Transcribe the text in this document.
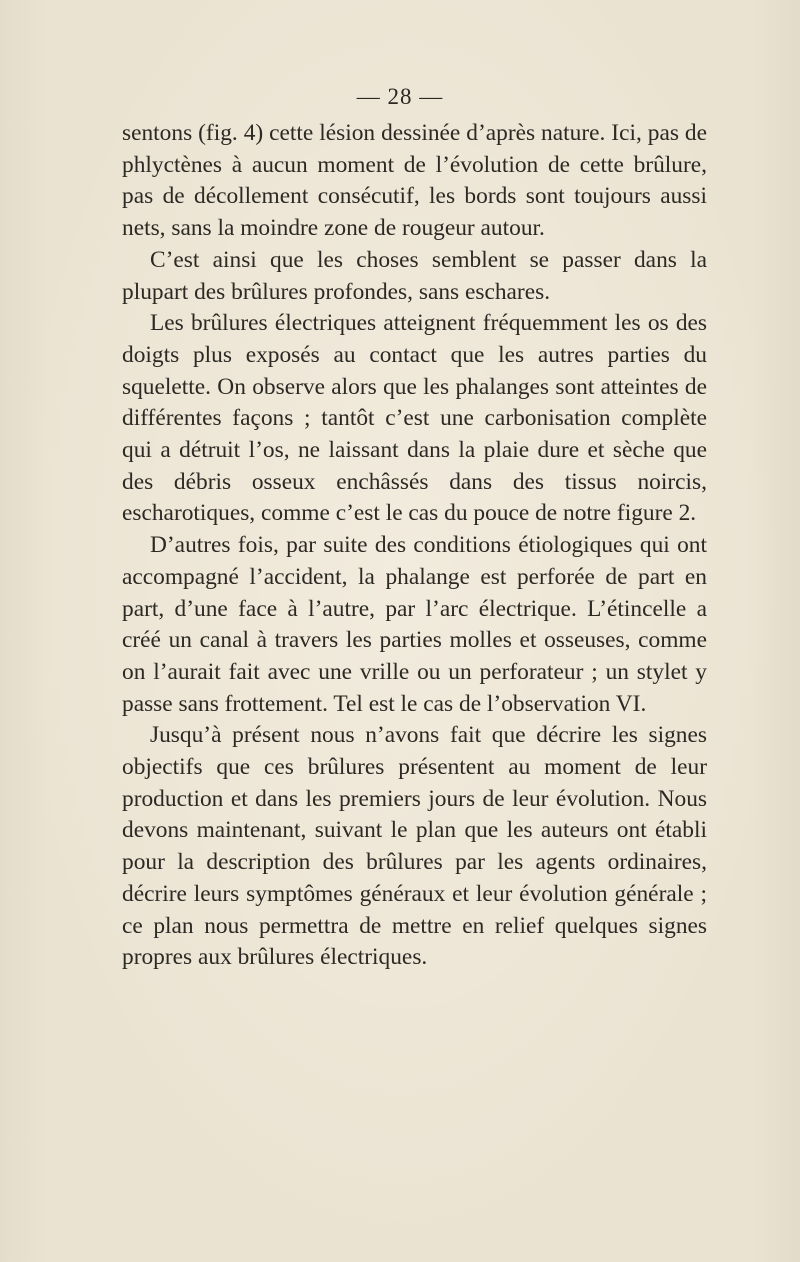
— 28 —

sentons (fig. 4) cette lésion dessinée d’après nature. Ici, pas de phlyctènes à aucun moment de l’évolution de cette brûlure, pas de décollement consécutif, les bords sont toujours aussi nets, sans la moindre zone de rougeur autour.

C’est ainsi que les choses semblent se passer dans la plupart des brûlures profondes, sans eschares.

Les brûlures électriques atteignent fréquemment les os des doigts plus exposés au contact que les autres parties du squelette. On observe alors que les phalanges sont atteintes de différentes façons ; tantôt c’est une carbonisation complète qui a détruit l’os, ne laissant dans la plaie dure et sèche que des débris osseux enchâssés dans des tissus noircis, escharotiques, comme c’est le cas du pouce de notre figure 2.

D’autres fois, par suite des conditions étiologiques qui ont accompagné l’accident, la phalange est perforée de part en part, d’une face à l’autre, par l’arc électrique. L’étincelle a créé un canal à travers les parties molles et osseuses, comme on l’aurait fait avec une vrille ou un perforateur ; un stylet y passe sans frottement. Tel est le cas de l’observation VI.

Jusqu’à présent nous n’avons fait que décrire les signes objectifs que ces brûlures présentent au moment de leur production et dans les premiers jours de leur évolution. Nous devons maintenant, suivant le plan que les auteurs ont établi pour la description des brûlures par les agents ordinaires, décrire leurs symptômes généraux et leur évolution générale ; ce plan nous permettra de mettre en relief quelques signes propres aux brûlures électriques.
